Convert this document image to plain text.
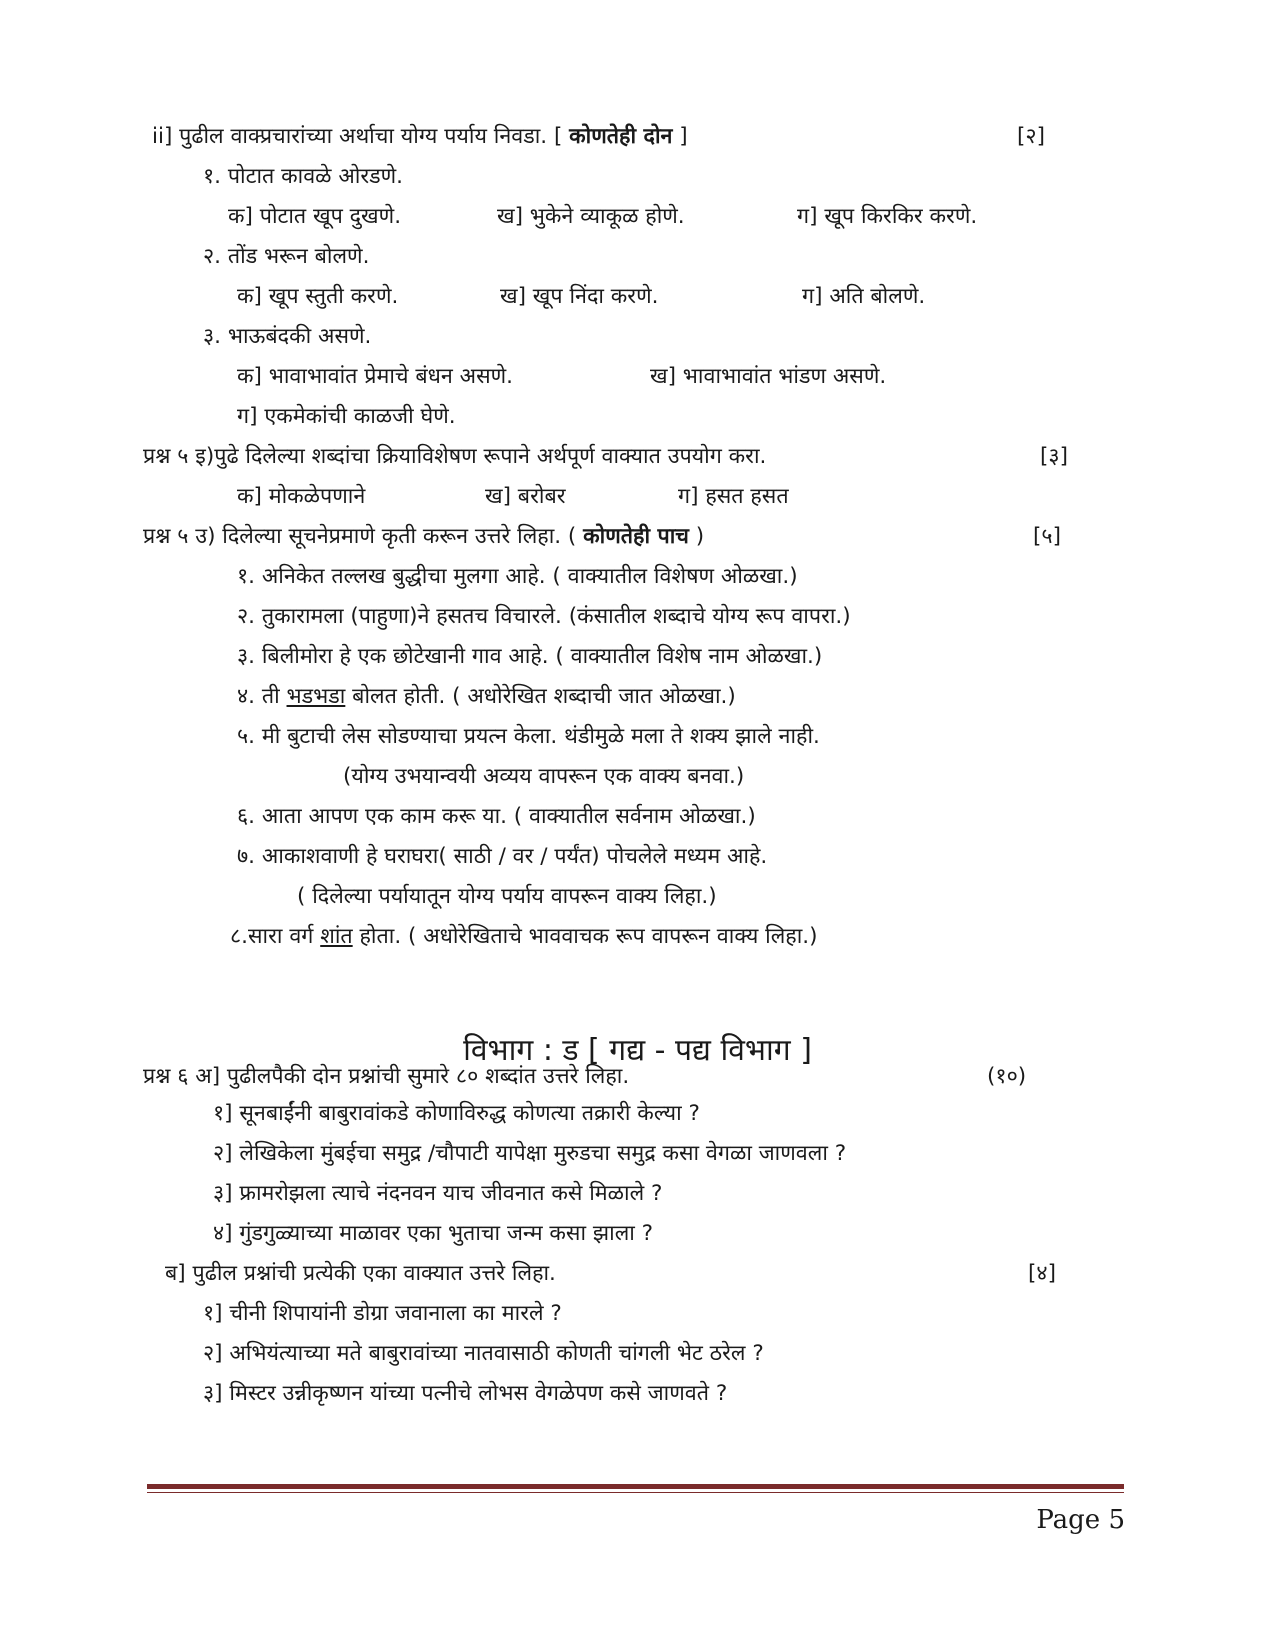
ii] पुढील वाक्प्रचारांच्या अर्थाचा योग्य पर्याय निवडा. [ कोणतेही दोन ]	[२]
१. पोटात कावळे ओरडणे.
क] पोटात खूप दुखणे.	ख] भुकेने व्याकूळ होणे.	ग] खूप किरकिर करणे.
२. तोंड भरून बोलणे.
क] खूप स्तुती करणे.	ख] खूप निंदा करणे.	ग] अति बोलणे.
३. भाऊबंदकी असणे.
क] भावाभावांत प्रेमाचे बंधन असणे.	ख] भावाभावांत भांडण असणे.
ग] एकमेकांची काळजी घेणे.
प्रश्न ५ इ)पुढे दिलेल्या शब्दांचा क्रियाविशेषण रूपाने अर्थपूर्ण वाक्यात उपयोग करा.	[३]
क] मोकळेपणाने	ख] बरोबर	ग] हसत हसत
प्रश्न ५ उ) दिलेल्या सूचनेप्रमाणे कृती करून उत्तरे लिहा. ( कोणतेही पाच )	[५]
१. अनिकेत तल्लख बुद्धीचा मुलगा आहे. ( वाक्यातील विशेषण ओळखा.)
२. तुकारामला (पाहुणा)ने हसतच विचारले. (कंसातील शब्दाचे योग्य रूप वापरा.)
३. बिलीमोरा हे एक छोटेखानी गाव आहे. ( वाक्यातील विशेष नाम ओळखा.)
४. ती भडभडा बोलत होती. ( अधोरेखित शब्दाची जात ओळखा.)
५. मी बुटाची लेस सोडण्याचा प्रयत्न केला. थंडीमुळे मला ते शक्य झाले नाही.
(योग्य उभयान्वयी अव्यय वापरून एक वाक्य बनवा.)
६. आता आपण एक काम करू या. ( वाक्यातील सर्वनाम ओळखा.)
७. आकाशवाणी हे घराघरा( साठी / वर / पर्यंत) पोचलेले मध्यम आहे.
( दिलेल्या पर्यायातून योग्य पर्याय वापरून वाक्य लिहा.)
८.सारा वर्ग शांत होता. ( अधोरेखिताचे भाववाचक रूप वापरून वाक्य लिहा.)
विभाग : ड [ गद्य - पद्य विभाग ]
प्रश्न ६ अ] पुढीलपैकी दोन प्रश्नांची सुमारे ८० शब्दांत उत्तरे लिहा.	(१०)
१] सूनबाईंनी बाबुरावांकडे कोणाविरुद्ध कोणत्या तक्रारी केल्या ?
२] लेखिकेला मुंबईचा समुद्र /चौपाटी यापेक्षा मुरुडचा समुद्र कसा वेगळा जाणवला ?
३] फ्रामरोझला त्याचे नंदनवन याच जीवनात कसे मिळाले ?
४] गुंडगुळ्याच्या माळावर एका भुताचा जन्म कसा झाला ?
ब] पुढील प्रश्नांची प्रत्येकी एका वाक्यात उत्तरे लिहा.	[४]
१] चीनी शिपायांनी डोग्रा जवानाला का मारले ?
२] अभियंत्याच्या मते बाबुरावांच्या नातवासाठी कोणती चांगली भेट ठरेल ?
३] मिस्टर उन्नीकृष्णन यांच्या पत्नीचे लोभस वेगळेपण कसे जाणवते ?
Page 5
